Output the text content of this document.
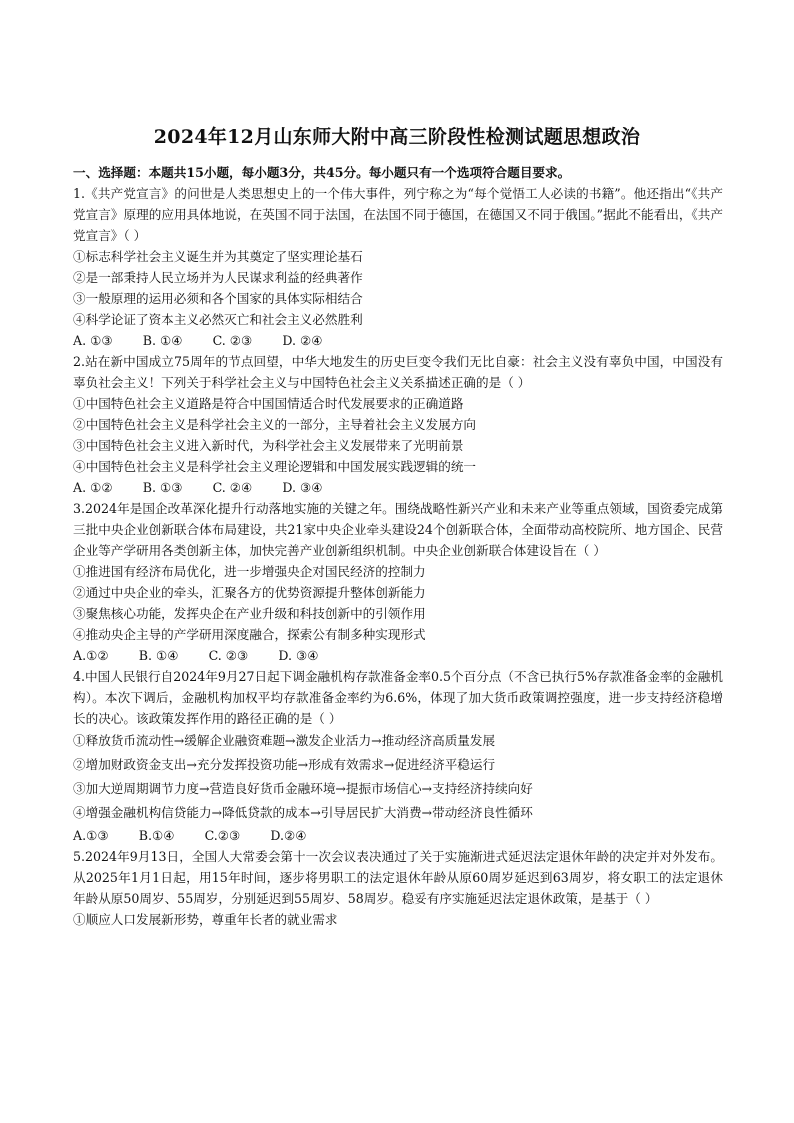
2024年12月山东师大附中高三阶段性检测试题思想政治

一、选择题：本题共15小题，每小题3分，共45分。每小题只有一个选项符合题目要求。

1.《共产党宣言》的问世是人类思想史上的一个伟大事件，列宁称之为“每个觉悟工人必读的书籍”。他还指出“《共产党宣言》原理的应用具体地说，在英国不同于法国，在法国不同于德国，在德国又不同于俄国。”据此不能看出，《共产党宣言》（ ）

①标志科学社会主义诞生并为其奠定了坚实理论基石

②是一部秉持人民立场并为人民谋求利益的经典著作

③一般原理的运用必须和各个国家的具体实际相结合

④科学论证了资本主义必然灭亡和社会主义必然胜利

A. ①③ B. ①④ C. ②③ D. ②④

2.站在新中国成立75周年的节点回望，中华大地发生的历史巨变令我们无比自豪：社会主义没有辜负中国，中国没有辜负社会主义！下列关于科学社会主义与中国特色社会主义关系描述正确的是（ ）

①中国特色社会主义道路是符合中国国情适合时代发展要求的正确道路

②中国特色社会主义是科学社会主义的一部分，主导着社会主义发展方向

③中国特色社会主义进入新时代，为科学社会主义发展带来了光明前景

④中国特色社会主义是科学社会主义理论逻辑和中国发展实践逻辑的统一

A. ①② B. ①③ C. ②④ D. ③④

3.2024年是国企改革深化提升行动落地实施的关键之年。围绕战略性新兴产业和未来产业等重点领域，国资委完成第三批中央企业创新联合体布局建设，共21家中央企业牵头建设24个创新联合体，全面带动高校院所、地方国企、民营企业等产学研用各类创新主体，加快完善产业创新组织机制。中央企业创新联合体建设旨在（ ）

①推进国有经济布局优化，进一步增强央企对国民经济的控制力

②通过中央企业的牵头，汇聚各方的优势资源提升整体创新能力

③聚焦核心功能，发挥央企在产业升级和科技创新中的引领作用

④推动央企主导的产学研用深度融合，探索公有制多种实现形式

A.①② B. ①④ C. ②③ D. ③④

4.中国人民银行自2024年9月27日起下调金融机构存款准备金率0.5个百分点（不含已执行5%存款准备金率的金融机构）。本次下调后，金融机构加权平均存款准备金率约为6.6%，体现了加大货币政策调控强度，进一步支持经济稳增长的决心。该政策发挥作用的路径正确的是（ ）

①释放货币流动性→缓解企业融资难题→激发企业活力→推动经济高质量发展

②增加财政资金支出→充分发挥投资功能→形成有效需求→促进经济平稳运行

③加大逆周期调节力度→营造良好货币金融环境→提振市场信心→支持经济持续向好

④增强金融机构信贷能力→降低贷款的成本→引导居民扩大消费→带动经济良性循环

A.①③ B.①④ C.②③ D.②④

5.2024年9月13日，全国人大常委会第十一次会议表决通过了关于实施渐进式延迟法定退休年龄的决定并对外发布。从2025年1月1日起，用15年时间，逐步将男职工的法定退休年龄从原60周岁延迟到63周岁，将女职工的法定退休年龄从原50周岁、55周岁，分别延迟到55周岁、58周岁。稳妥有序实施延迟法定退休政策，是基于（ ）

①顺应人口发展新形势，尊重年长者的就业需求
